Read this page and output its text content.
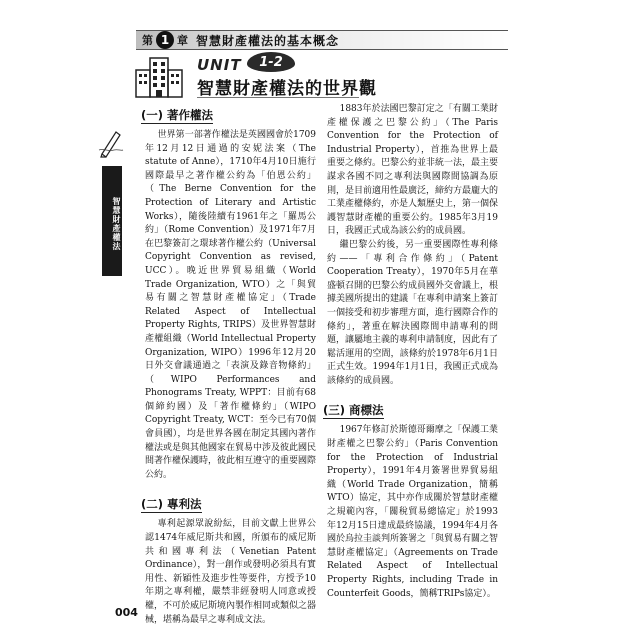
第 1 章 智慧財產權法的基本概念
UNIT	1-2
智慧財產權法的世界觀
智慧財產權法
(一) 著作權法

世界第一部著作權法是英國國會於1709年12月12日通過的安妮法案（The statute of Anne），1710年4月10日施行國際最早之著作權公約為「伯恩公約」（The Berne Convention for the Protection of Literary and Artistic Works），隨後陸續有1961年之「羅馬公約」（Rome Convention）及1971年7月在巴黎簽訂之環球著作權公約（Universal Copyright Convention as revised, UCC）。晚近世界貿易組織（World Trade Organization, WTO）之「與貿易有關之智慧財產權協定」（Trade Related Aspect of Intellectual Property Rights, TRIPS）及世界智慧財產權組織（World Intellectual Property Organization, WIPO）1996年12月20日外交會議通過之「表演及錄音物條約」（WIPO Performances and Phonograms Treaty, WPPT：目前有68個締約國）及「著作權條約」（WIPO Copyright Treaty, WCT：至今已有70個會員國），均是世界各國在制定其國內著作權法或是與其他國家在貿易中涉及彼此國民間著作權保護時，彼此相互遵守的重要國際公約。

(二) 專利法

專利起源眾說紛紜，目前文獻上世界公認1474年威尼斯共和國，所頒布的威尼斯共和國專利法（Venetian Patent Ordinance），對一創作或發明必須具有實用性、新穎性及進步性等要件，方授予10年期之專利權，嚴禁非經發明人同意或授權，不可於威尼斯境內製作相同或類似之器械，堪稱為最早之專利成文法。

1883年於法國巴黎訂定之「有關工業財產權保護之巴黎公約」（The Paris Convention for the Protection of Industrial Property），首推為世界上最重要之條約。巴黎公約並非統一法，最主要謀求各國不同之專利法與國際間協調為原則，是目前適用性最廣泛，締約方最龐大的工業產權條約，亦是人類歷史上，第一個保護智慧財產權的重要公約。1985年3月19日，我國正式成為該公約的成員國。

繼巴黎公約後，另一重要國際性專利條約——「專利合作條約」（Patent Cooperation Treaty），1970年5月在華盛頓召開的巴黎公約成員國外交會議上，根據美國所提出的建議「在專利申請案上簽訂一個接受和初步審理方面，進行國際合作的條約」，著重在解決國際間申請專利的問題，讓屬地主義的專利申請制度，因此有了鬆活運用的空間，該條約於1978年6月1日正式生效。1994年1月1日，我國正式成為該條約的成員國。

(三) 商標法

1967年修訂於斯德哥爾摩之「保護工業財產權之巴黎公約」（Paris Convention for the Protection of Industrial Property），1991年4月簽署世界貿易組織（World Trade Organization，簡稱WTO）協定，其中亦作成關於智慧財產權之規範內容，「關稅貿易總協定」於1993年12月15日達成最終協議，1994年4月各國於烏拉圭談判所簽署之「與貿易有關之智慧財產權協定」（Agreements on Trade Related Aspect of Intellectual Property Rights, including Trade in Counterfeit Goods，簡稱TRIPs協定）。

004
